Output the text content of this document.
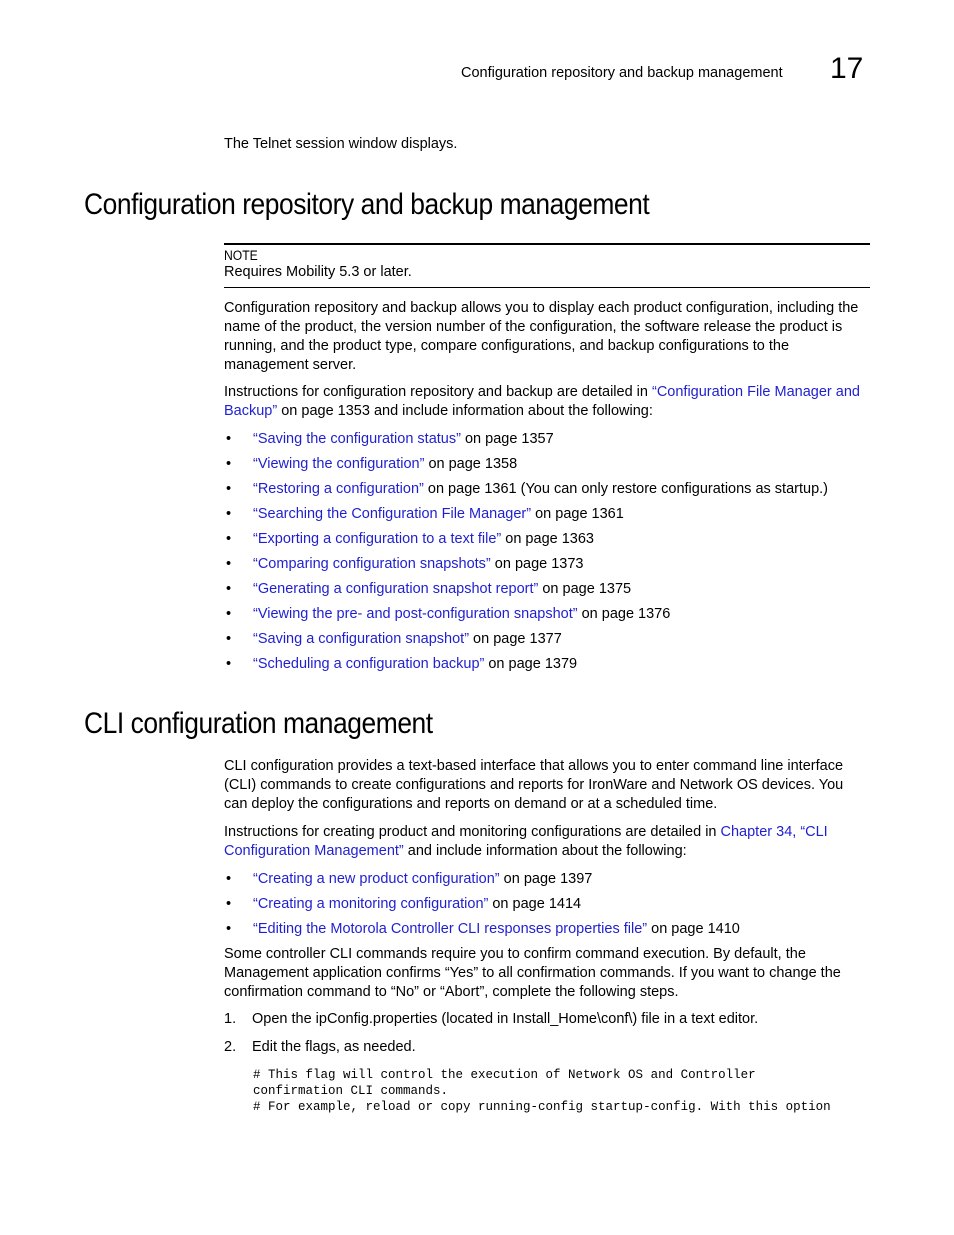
Configuration repository and backup management 17

The Telnet session window displays.

Configuration repository and backup management
NOTE
Requires Mobility 5.3 or later.

Configuration repository and backup allows you to display each product configuration, including the name of the product, the version number of the configuration, the software release the product is running, and the product type, compare configurations, and backup configurations to the management server.

Instructions for configuration repository and backup are detailed in “Configuration File Manager and Backup” on page 1353 and include information about the following:

• “Saving the configuration status” on page 1357
• “Viewing the configuration” on page 1358
• “Restoring a configuration” on page 1361 (You can only restore configurations as startup.)
• “Searching the Configuration File Manager” on page 1361
• “Exporting a configuration to a text file” on page 1363
• “Comparing configuration snapshots” on page 1373
• “Generating a configuration snapshot report” on page 1375
• “Viewing the pre- and post-configuration snapshot” on page 1376
• “Saving a configuration snapshot” on page 1377
• “Scheduling a configuration backup” on page 1379
CLI configuration management

CLI configuration provides a text-based interface that allows you to enter command line interface (CLI) commands to create configurations and reports for IronWare and Network OS devices. You can deploy the configurations and reports on demand or at a scheduled time.

Instructions for creating product and monitoring configurations are detailed in Chapter 34, “CLI Configuration Management” and include information about the following:

• “Creating a new product configuration” on page 1397
• “Creating a monitoring configuration” on page 1414
• “Editing the Motorola Controller CLI responses properties file” on page 1410

Some controller CLI commands require you to confirm command execution. By default, the Management application confirms “Yes” to all confirmation commands. If you want to change the confirmation command to “No” or “Abort”, complete the following steps.

1. Open the ipConfig.properties (located in Install_Home\conf\) file in a text editor.
2. Edit the flags, as needed.
# This flag will control the execution of Network OS and Controller
confirmation CLI commands.
# For example, reload or copy running-config startup-config. With this option
